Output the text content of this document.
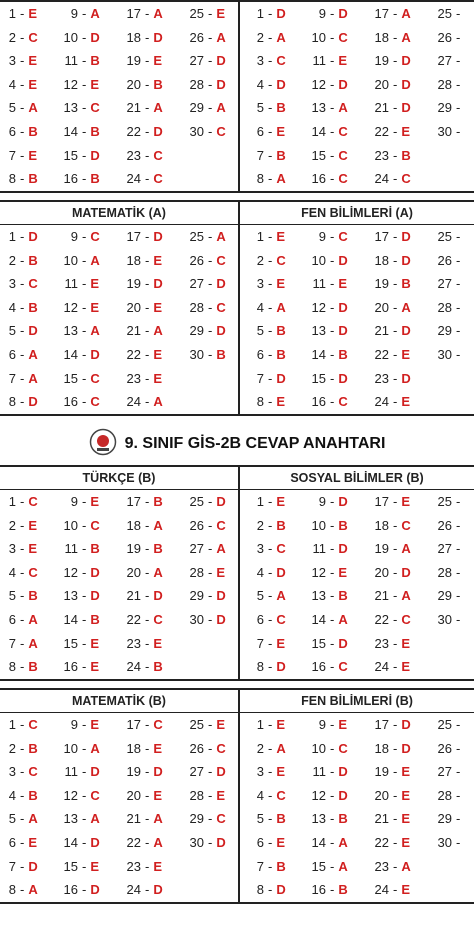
1 - E	9 - A 17 - A 25 - E 1 - D	9 - D 17 - A 25 -
2 - C 10 - D 18 - D 26 - A 2 - A 10 - C 18 - A 26 -
3 - E 11 - B 19 - E 27 - D 3 - C 11 - E 19 - D 27 -
4 - E 12 - E 20 - B 28 - D 4 - D 12 - D 20 - D 28 -
5 - A 13 - C 21 - A 29 - A 5 - B 13 - A 21 - D 29 -
6 - B 14 - B 22 - D 30 - C 6 - E 14 - C 22 - E 30 -
7 - E 15 - D 23 - C	7 - B 15 - C 23 - B
8 - B 16 - B 24 - C	8 - A 16 - C 24 - C
MATEMATİK (A)	FEN BİLİMLERİ (A)
1 - D	9 - C 17 - D 25 - A 1 - E	9 - C 17 - D 25 -
2 - B 10 - A 18 - E 26 - C 2 - C 10 - D 18 - D 26 -
3 - C 11 - E 19 - D 27 - D 3 - E 11 - E 19 - B 27 -
4 - B 12 - E 20 - E 28 - C 4 - A 12 - D 20 - A 28 -
5 - D 13 - A 21 - A 29 - D 5 - B 13 - D 21 - D 29 -
6 - A 14 - D 22 - E 30 - B 6 - B 14 - B 22 - E 30 -
7 - A 15 - C 23 - E	7 - D 15 - D 23 - D
8 - D 16 - C 24 - A	8 - E 16 - C 24 - E
TÜRKÇE (B)	SOSYAL BİLİMLER (B)
1 - C	9 - E 17 - B 25 - D 1 - E	9 - D 17 - E 25 -
2 - E 10 - C 18 - A 26 - C 2 - B 10 - B 18 - C 26 -
3 - E 11 - B 19 - B 27 - A 3 - C 11 - D 19 - A 27 -
4 - C 12 - D 20 - A 28 - E 4 - D 12 - E 20 - D 28 -
5 - B 13 - D 21 - D 29 - D 5 - A 13 - B 21 - A 29 -
6 - A 14 - B 22 - C 30 - D 6 - C 14 - A 22 - C 30 -
7 - A 15 - E 23 - E	7 - E 15 - D 23 - E
8 - B 16 - E 24 - B	8 - D 16 - C 24 - E
MATEMATİK (B)	FEN BİLİMLERİ (B)
1 - C	9 - E 17 - C 25 - E 1 - E	9 - E 17 - D 25 -
2 - B 10 - A 18 - E 26 - C 2 - A 10 - C 18 - D 26 -
3 - C 11 - D 19 - D 27 - D 3 - E 11 - D 19 - E 27 -
4 - B 12 - C 20 - E 28 - E 4 - C 12 - D 20 - E 28 -
5 - A 13 - A 21 - A 29 - C 5 - B 13 - B 21 - E 29 -
6 - E 14 - D 22 - A 30 - D 6 - E 14 - A 22 - E 30 -
7 - D 15 - E 23 - E	7 - B 15 - A 23 - A
8 - A 16 - D 24 - D	8 - D 16 - B 24 - E
9. SINIF GİS-2B CEVAP ANAHTARI
